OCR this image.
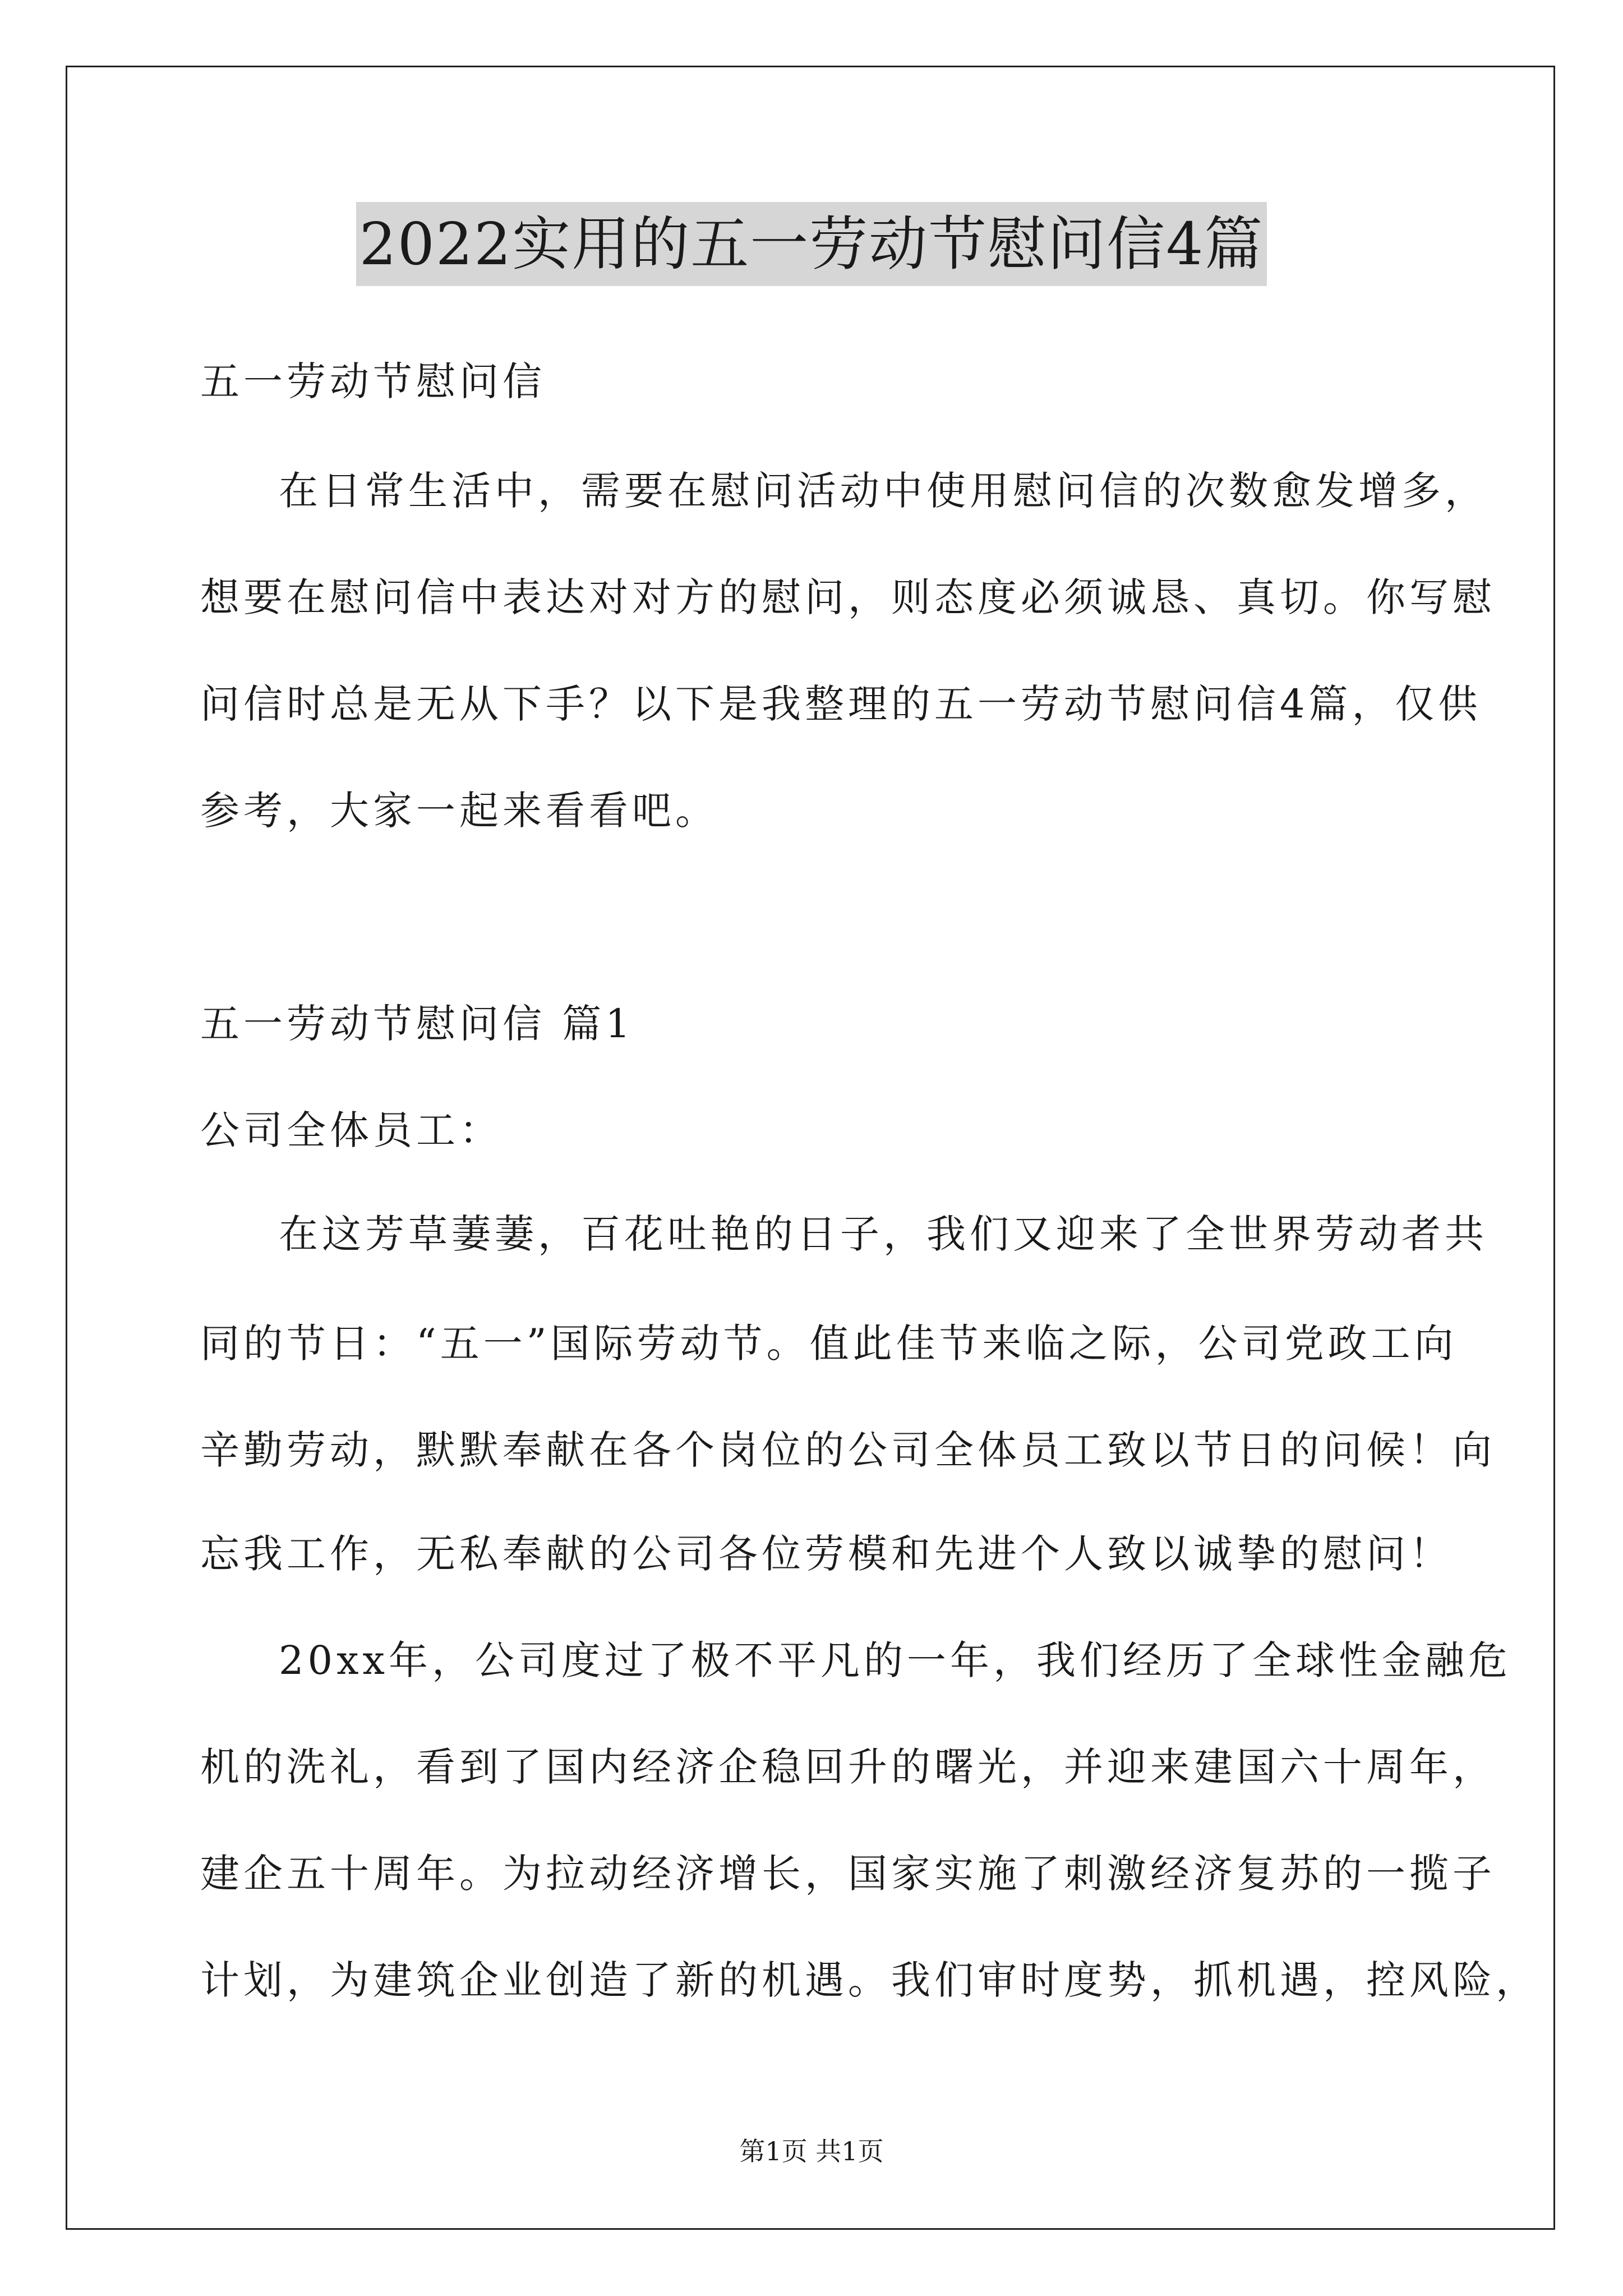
2022实用的五一劳动节慰问信4篇
五一劳动节慰问信
在日常生活中，需要在慰问活动中使用慰问信的次数愈发增多，
想要在慰问信中表达对对方的慰问，则态度必须诚恳、真切。你写慰
问信时总是无从下手？以下是我整理的五一劳动节慰问信4篇，仅供
参考，大家一起来看看吧。
五一劳动节慰问信 篇1
公司全体员工：
在这芳草萋萋，百花吐艳的日子，我们又迎来了全世界劳动者共
同的节日：“五一”国际劳动节。值此佳节来临之际，公司党政工向
辛勤劳动，默默奉献在各个岗位的公司全体员工致以节日的问候！向
忘我工作，无私奉献的公司各位劳模和先进个人致以诚挚的慰问！
20xx年，公司度过了极不平凡的一年，我们经历了全球性金融危
机的洗礼，看到了国内经济企稳回升的曙光，并迎来建国六十周年，
建企五十周年。为拉动经济增长，国家实施了刺激经济复苏的一揽子
计划，为建筑企业创造了新的机遇。我们审时度势，抓机遇，控风险，
第1页 共1页
